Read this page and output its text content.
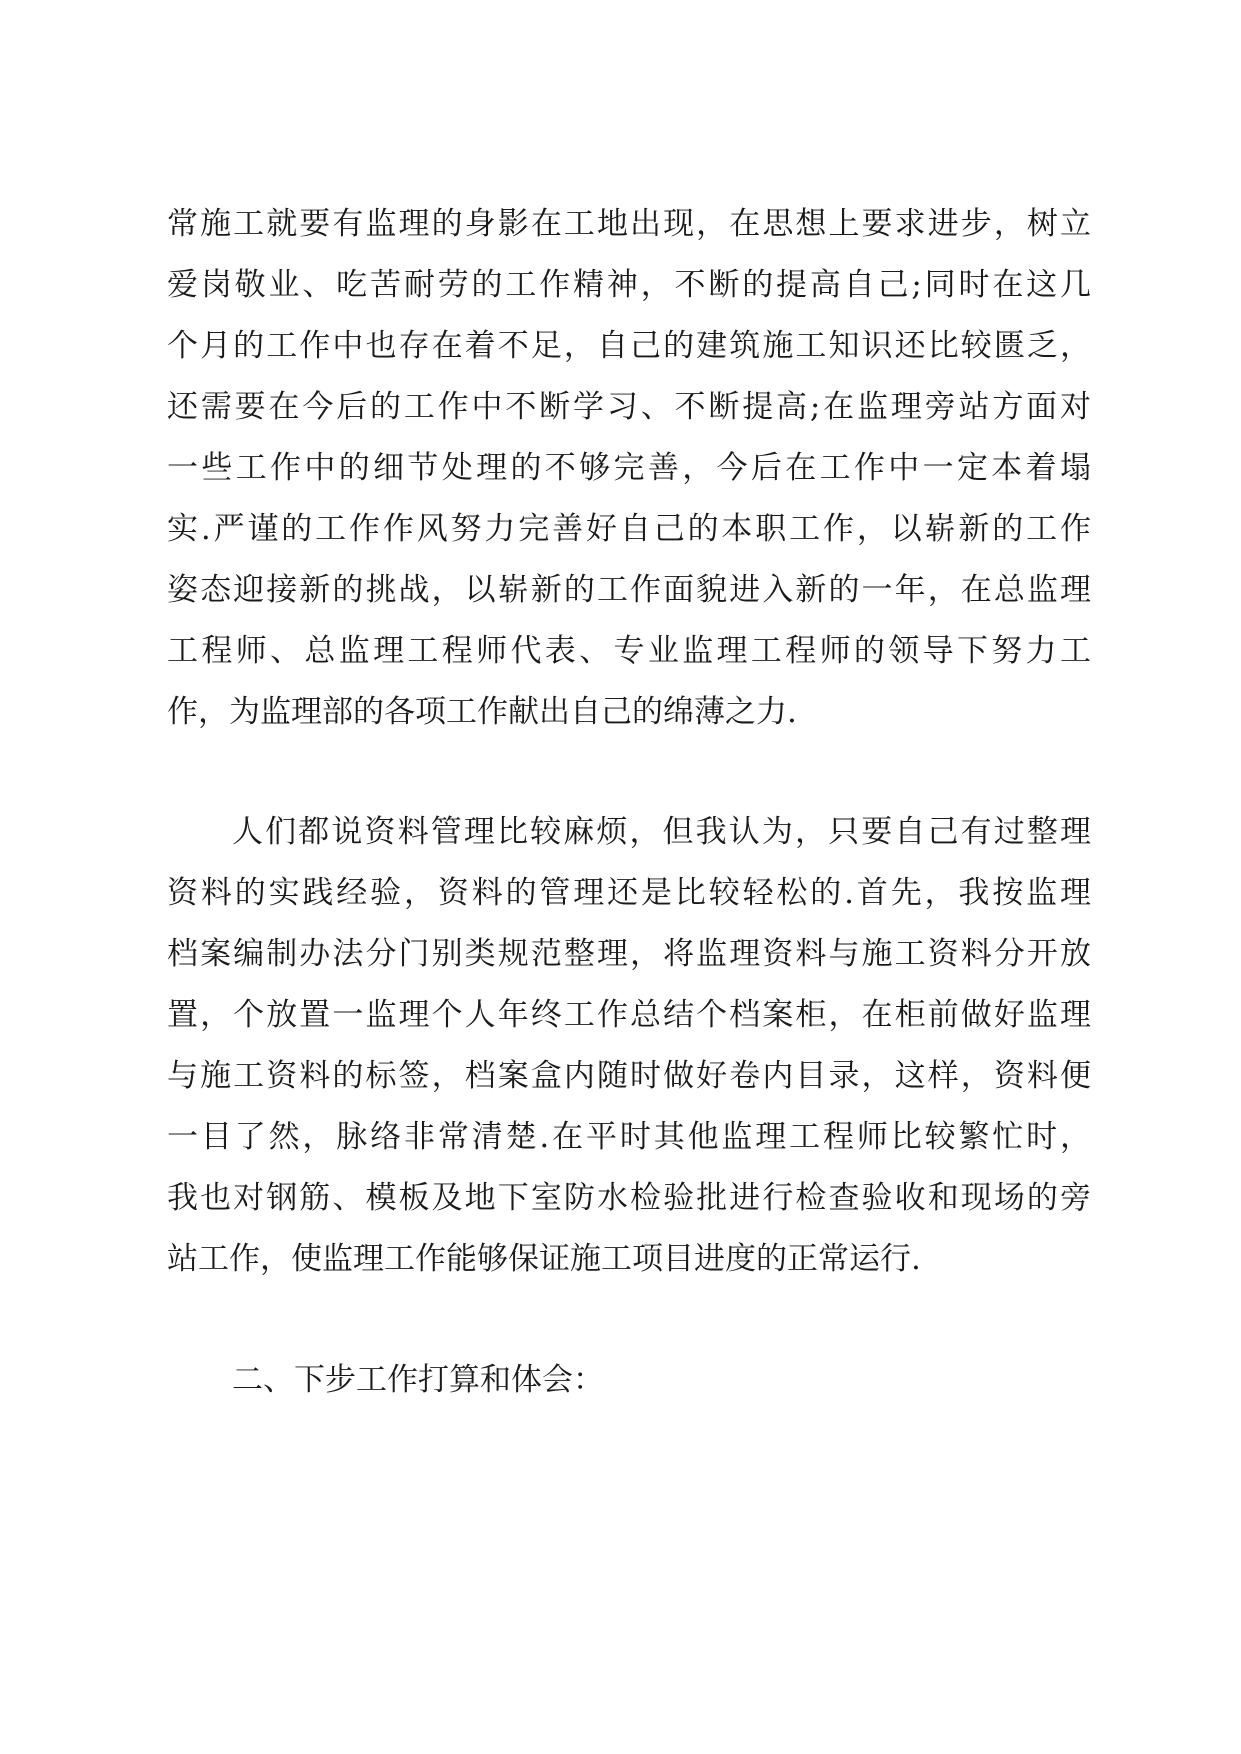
常施工就要有监理的身影在工地出现，在思想上要求进步，树立
爱岗敬业、吃苦耐劳的工作精神，不断的提高自己;同时在这几
个月的工作中也存在着不足，自己的建筑施工知识还比较匮乏，
还需要在今后的工作中不断学习、不断提高;在监理旁站方面对
一些工作中的细节处理的不够完善，今后在工作中一定本着塌
实.严谨的工作作风努力完善好自己的本职工作，以崭新的工作
姿态迎接新的挑战，以崭新的工作面貌进入新的一年，在总监理
工程师、总监理工程师代表、专业监理工程师的领导下努力工
作，为监理部的各项工作献出自己的绵薄之力.
人们都说资料管理比较麻烦，但我认为，只要自己有过整理
资料的实践经验，资料的管理还是比较轻松的.首先，我按监理
档案编制办法分门别类规范整理，将监理资料与施工资料分开放
置，个放置一监理个人年终工作总结个档案柜，在柜前做好监理
与施工资料的标签，档案盒内随时做好卷内目录，这样，资料便
一目了然，脉络非常清楚.在平时其他监理工程师比较繁忙时，
我也对钢筋、模板及地下室防水检验批进行检查验收和现场的旁
站工作，使监理工作能够保证施工项目进度的正常运行.
二、下步工作打算和体会：
